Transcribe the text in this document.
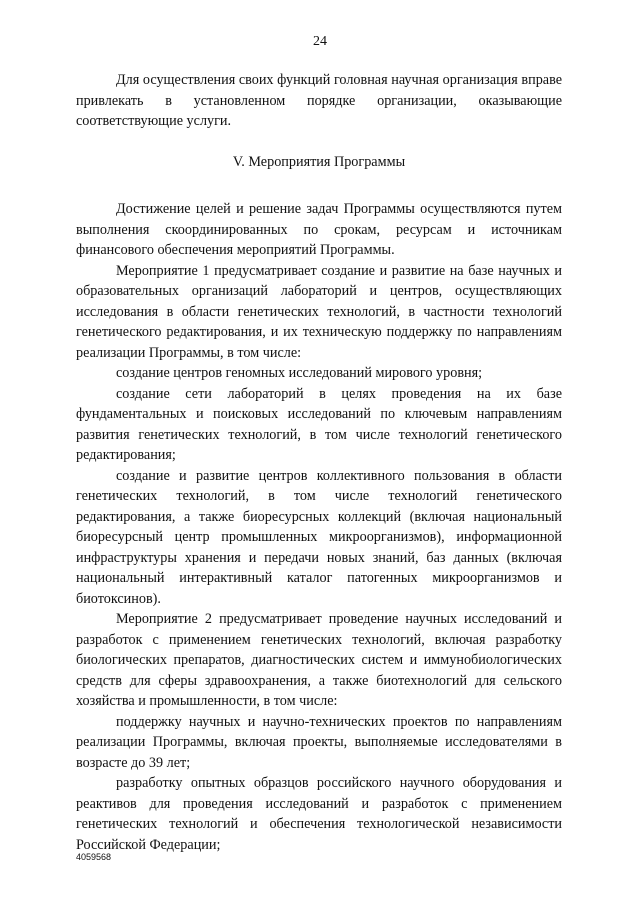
24

Для осуществления своих функций головная научная организация вправе привлекать в установленном порядке организации, оказывающие соответствующие услуги.

V. Мероприятия Программы

Достижение целей и решение задач Программы осуществляются путем выполнения скоординированных по срокам, ресурсам и источникам финансового обеспечения мероприятий Программы.

Мероприятие 1 предусматривает создание и развитие на базе научных и образовательных организаций лабораторий и центров, осуществляющих исследования в области генетических технологий, в частности технологий генетического редактирования, и их техническую поддержку по направлениям реализации Программы, в том числе:

создание центров геномных исследований мирового уровня;

создание сети лабораторий в целях проведения на их базе фундаментальных и поисковых исследований по ключевым направлениям развития генетических технологий, в том числе технологий генетического редактирования;

создание и развитие центров коллективного пользования в области генетических технологий, в том числе технологий генетического редактирования, а также биоресурсных коллекций (включая национальный биоресурсный центр промышленных микроорганизмов), информационной инфраструктуры хранения и передачи новых знаний, баз данных (включая национальный интерактивный каталог патогенных микроорганизмов и биотоксинов).

Мероприятие 2 предусматривает проведение научных исследований и разработок с применением генетических технологий, включая разработку биологических препаратов, диагностических систем и иммунобиологических средств для сферы здравоохранения, а также биотехнологий для сельского хозяйства и промышленности, в том числе:

поддержку научных и научно-технических проектов по направлениям реализации Программы, включая проекты, выполняемые исследователями в возрасте до 39 лет;

разработку опытных образцов российского научного оборудования и реактивов для проведения исследований и разработок с применением генетических технологий и обеспечения технологической независимости Российской Федерации;

4059568
